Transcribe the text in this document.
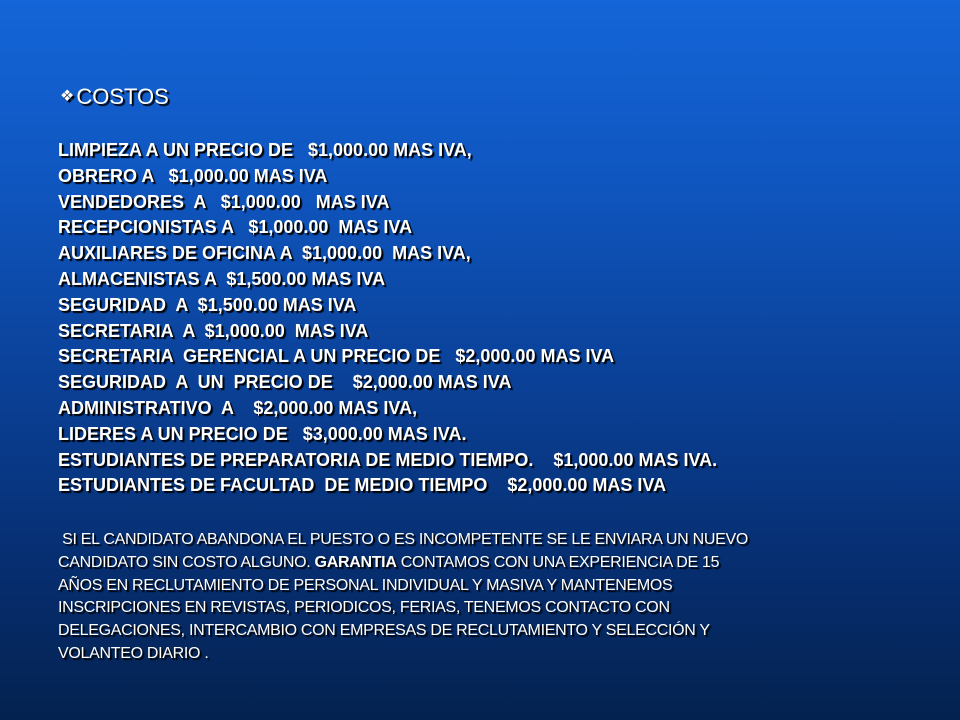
❖ COSTOS
LIMPIEZA A UN PRECIO DE   $1,000.00 MAS IVA,
OBRERO A   $1,000.00 MAS IVA
VENDEDORES  A   $1,000.00   MAS IVA
RECEPCIONISTAS A   $1,000.00  MAS IVA
AUXILIARES DE OFICINA A  $1,000.00  MAS IVA,
ALMACENISTAS A  $1,500.00 MAS IVA
SEGURIDAD  A  $1,500.00 MAS IVA
SECRETARIA  A  $1,000.00  MAS IVA
SECRETARIA  GERENCIAL A UN PRECIO DE   $2,000.00 MAS IVA
SEGURIDAD  A  UN  PRECIO DE    $2,000.00 MAS IVA
ADMINISTRATIVO  A    $2,000.00 MAS IVA,
LIDERES A UN PRECIO DE   $3,000.00 MAS IVA.
ESTUDIANTES DE PREPARATORIA DE MEDIO TIEMPO.    $1,000.00 MAS IVA.
ESTUDIANTES DE FACULTAD  DE MEDIO TIEMPO    $2,000.00 MAS IVA
SI EL CANDIDATO ABANDONA EL PUESTO O ES INCOMPETENTE SE LE ENVIARA UN NUEVO
CANDIDATO SIN COSTO ALGUNO. GARANTIA CONTAMOS CON UNA EXPERIENCIA DE 15
AÑOS EN RECLUTAMIENTO DE PERSONAL INDIVIDUAL Y MASIVA Y MANTENEMOS
INSCRIPCIONES EN REVISTAS, PERIODICOS, FERIAS, TENEMOS CONTACTO CON
DELEGACIONES, INTERCAMBIO CON EMPRESAS DE RECLUTAMIENTO Y SELECCIÓN Y
VOLANTEO DIARIO .
